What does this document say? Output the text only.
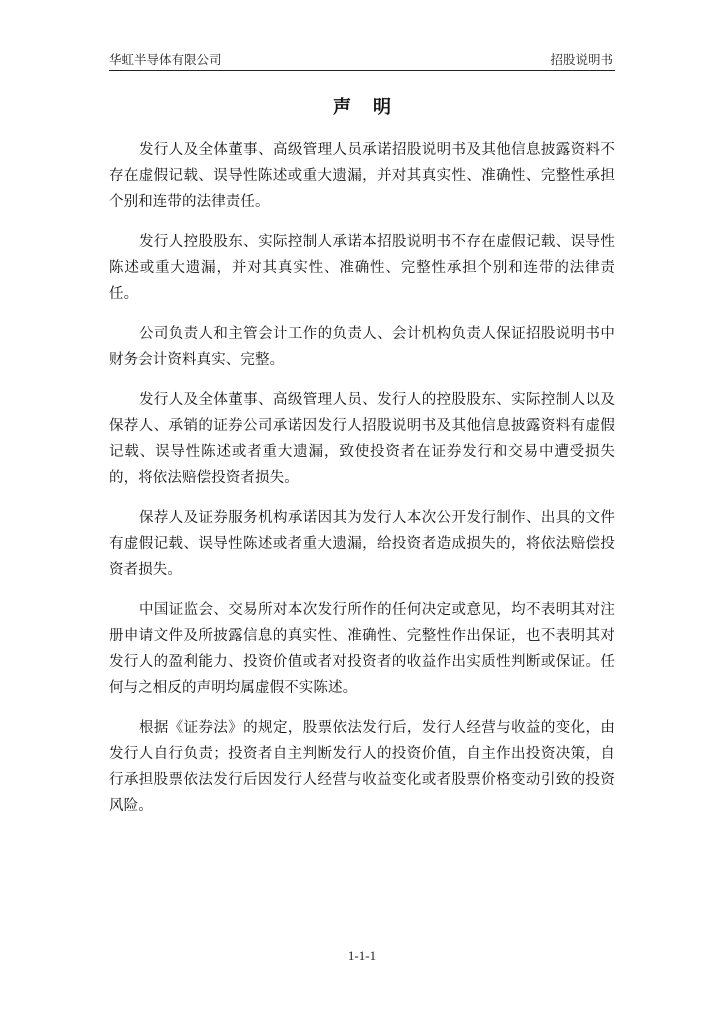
华虹半导体有限公司	招股说明书
声明

发行人及全体董事、高级管理人员承诺招股说明书及其他信息披露资料不存在虚假记载、误导性陈述或重大遗漏，并对其真实性、准确性、完整性承担个别和连带的法律责任。

发行人控股股东、实际控制人承诺本招股说明书不存在虚假记载、误导性陈述或重大遗漏，并对其真实性、准确性、完整性承担个别和连带的法律责任。

公司负责人和主管会计工作的负责人、会计机构负责人保证招股说明书中财务会计资料真实、完整。

发行人及全体董事、高级管理人员、发行人的控股股东、实际控制人以及保荐人、承销的证券公司承诺因发行人招股说明书及其他信息披露资料有虚假记载、误导性陈述或者重大遗漏，致使投资者在证券发行和交易中遭受损失的，将依法赔偿投资者损失。

保荐人及证券服务机构承诺因其为发行人本次公开发行制作、出具的文件有虚假记载、误导性陈述或者重大遗漏，给投资者造成损失的，将依法赔偿投资者损失。

中国证监会、交易所对本次发行所作的任何决定或意见，均不表明其对注册申请文件及所披露信息的真实性、准确性、完整性作出保证，也不表明其对发行人的盈利能力、投资价值或者对投资者的收益作出实质性判断或保证。任何与之相反的声明均属虚假不实陈述。

根据《证券法》的规定，股票依法发行后，发行人经营与收益的变化，由发行人自行负责；投资者自主判断发行人的投资价值，自主作出投资决策，自行承担股票依法发行后因发行人经营与收益变化或者股票价格变动引致的投资风险。

1-1-1
